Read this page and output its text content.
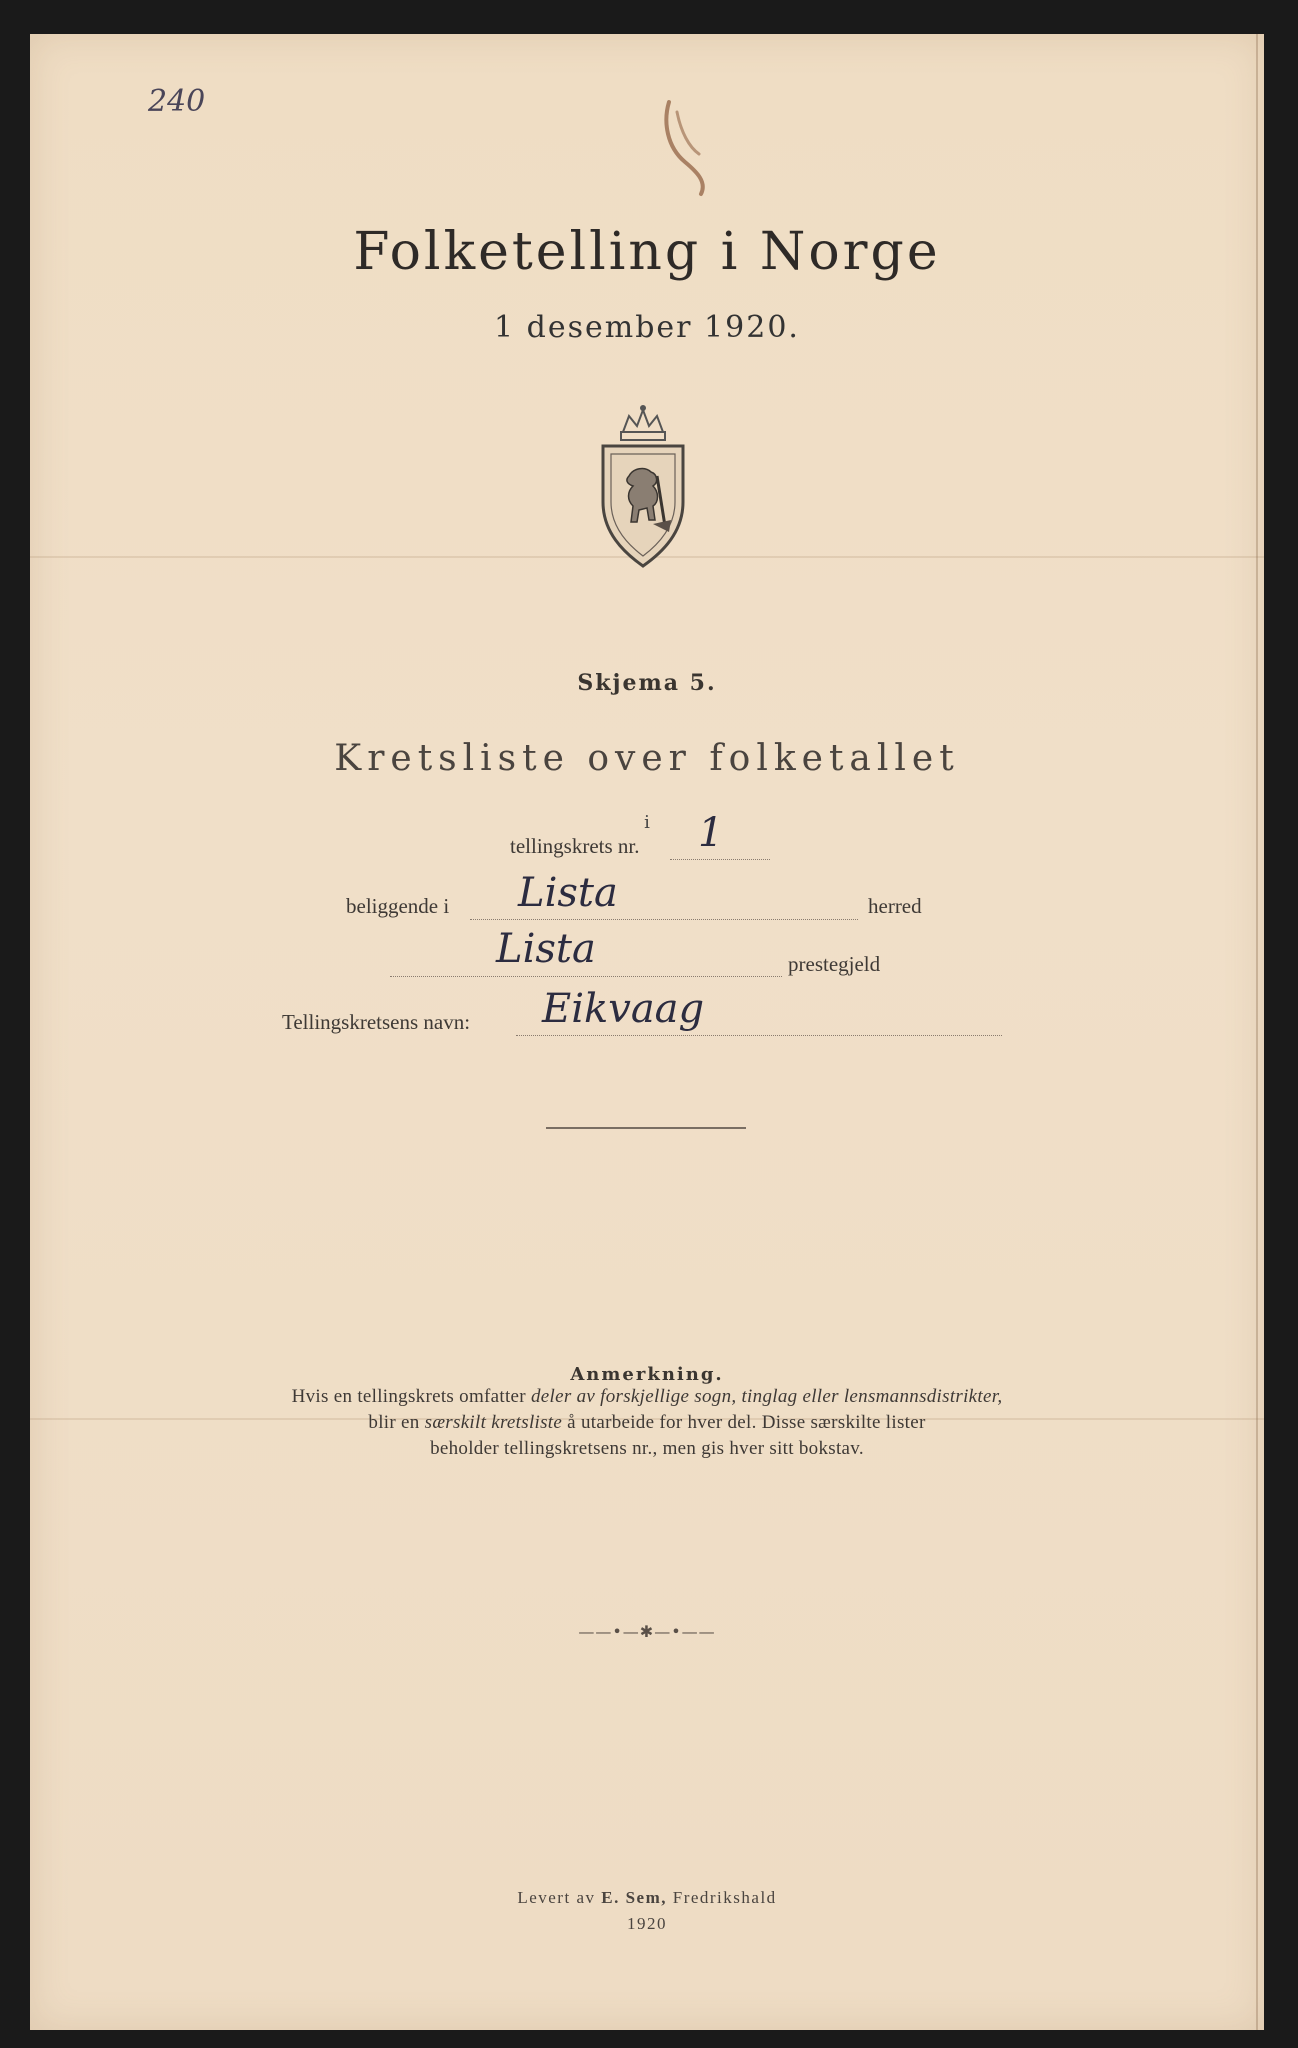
240
Folketelling i Norge
1 desember 1920.
Skjema 5.
Kretsliste over folketallet
i
tellingskrets nr. 1
beliggende i Lista	herred
Lista	prestegjeld
Tellingskretsens navn: Eikvaag
Anmerkning.
Hvis en tellingskrets omfatter deler av forskjellige sogn, tinglag eller lensmannsdistrikter,
blir en særskilt kretsliste å utarbeide for hver del. Disse særskilte lister
beholder tellingskretsens nr., men gis hver sitt bokstav.
——•—✱—•——
Levert av E. Sem, Fredrikshald
1920
